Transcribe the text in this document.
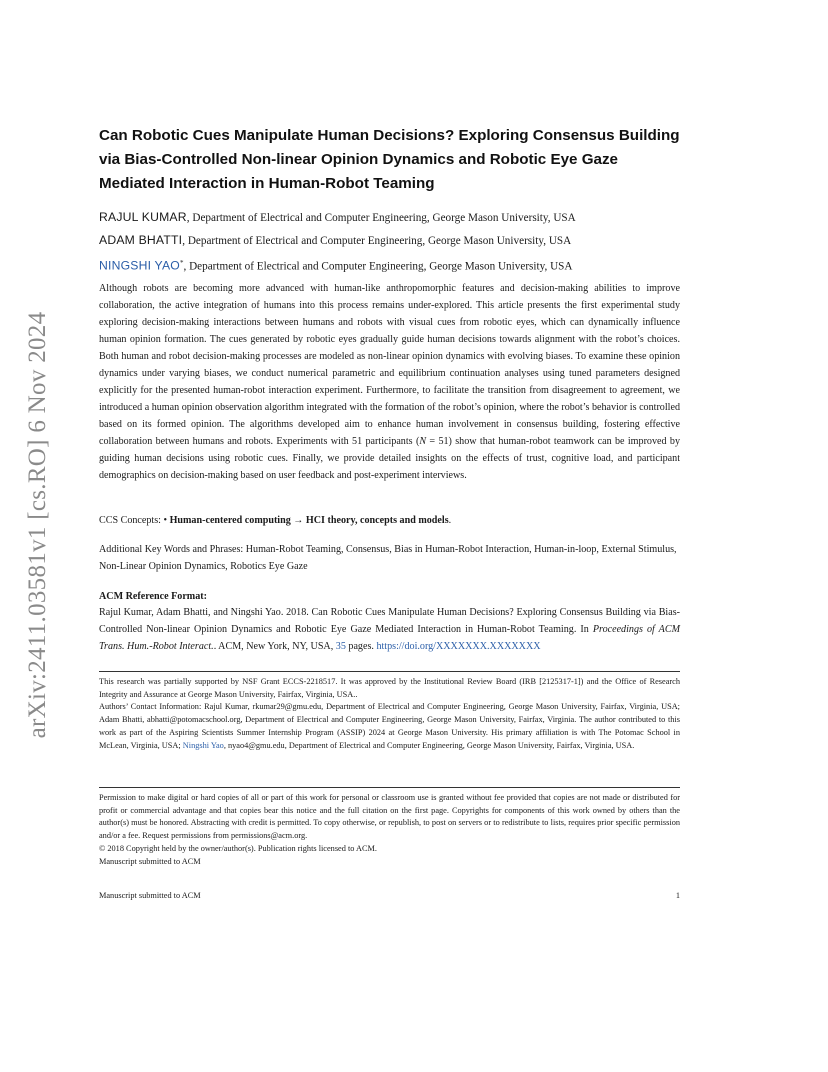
arXiv:2411.03581v1 [cs.RO] 6 Nov 2024
Can Robotic Cues Manipulate Human Decisions? Exploring Consensus Building via Bias-Controlled Non-linear Opinion Dynamics and Robotic Eye Gaze Mediated Interaction in Human-Robot Teaming
RAJUL KUMAR, Department of Electrical and Computer Engineering, George Mason University, USA
ADAM BHATTI, Department of Electrical and Computer Engineering, George Mason University, USA
NINGSHI YAO*, Department of Electrical and Computer Engineering, George Mason University, USA

Although robots are becoming more advanced with human-like anthropomorphic features and decision-making abilities to improve collaboration, the active integration of humans into this process remains under-explored. This article presents the first experimental study exploring decision-making interactions between humans and robots with visual cues from robotic eyes, which can dynamically influence human opinion formation. The cues generated by robotic eyes gradually guide human decisions towards alignment with the robot’s choices. Both human and robot decision-making processes are modeled as non-linear opinion dynamics with evolving biases. To examine these opinion dynamics under varying biases, we conduct numerical parametric and equilibrium continuation analyses using tuned parameters designed explicitly for the presented human-robot interaction experiment. Furthermore, to facilitate the transition from disagreement to agreement, we introduced a human opinion observation algorithm integrated with the formation of the robot’s opinion, where the robot’s behavior is controlled based on its formed opinion. The algorithms developed aim to enhance human involvement in consensus building, fostering effective collaboration between humans and robots. Experiments with 51 participants (N = 51) show that human-robot teamwork can be improved by guiding human decisions using robotic cues. Finally, we provide detailed insights on the effects of trust, cognitive load, and participant demographics on decision-making based on user feedback and post-experiment interviews.

CCS Concepts: • Human-centered computing → HCI theory, concepts and models.

Additional Key Words and Phrases: Human-Robot Teaming, Consensus, Bias in Human-Robot Interaction, Human-in-loop, External Stimulus, Non-Linear Opinion Dynamics, Robotics Eye Gaze

ACM Reference Format:

Rajul Kumar, Adam Bhatti, and Ningshi Yao. 2018. Can Robotic Cues Manipulate Human Decisions? Exploring Consensus Building via Bias-Controlled Non-linear Opinion Dynamics and Robotic Eye Gaze Mediated Interaction in Human-Robot Teaming. In Proceedings of ACM Trans. Hum.-Robot Interact.. ACM, New York, NY, USA, 35 pages. https://doi.org/XXXXXXX.XXXXXXX

This research was partially supported by NSF Grant ECCS-2218517. It was approved by the Institutional Review Board (IRB [2125317-1]) and the Office of Research Integrity and Assurance at George Mason University, Fairfax, Virginia, USA..

Authors’ Contact Information: Rajul Kumar, rkumar29@gmu.edu, Department of Electrical and Computer Engineering, George Mason University, Fairfax, Virginia, USA; Adam Bhatti, abhatti@potomacschool.org, Department of Electrical and Computer Engineering, George Mason University, Fairfax, Virginia. The author contributed to this work as part of the Aspiring Scientists Summer Internship Program (ASSIP) 2024 at George Mason University. His primary affiliation is with The Potomac School in McLean, Virginia, USA; Ningshi Yao, nyao4@gmu.edu, Department of Electrical and Computer Engineering, George Mason University, Fairfax, Virginia, USA.

Permission to make digital or hard copies of all or part of this work for personal or classroom use is granted without fee provided that copies are not made or distributed for profit or commercial advantage and that copies bear this notice and the full citation on the first page. Copyrights for components of this work owned by others than the author(s) must be honored. Abstracting with credit is permitted. To copy otherwise, or republish, to post on servers or to redistribute to lists, requires prior specific permission and/or a fee. Request permissions from permissions@acm.org.

© 2018 Copyright held by the owner/author(s). Publication rights licensed to ACM.

Manuscript submitted to ACM

Manuscript submitted to ACM	1
